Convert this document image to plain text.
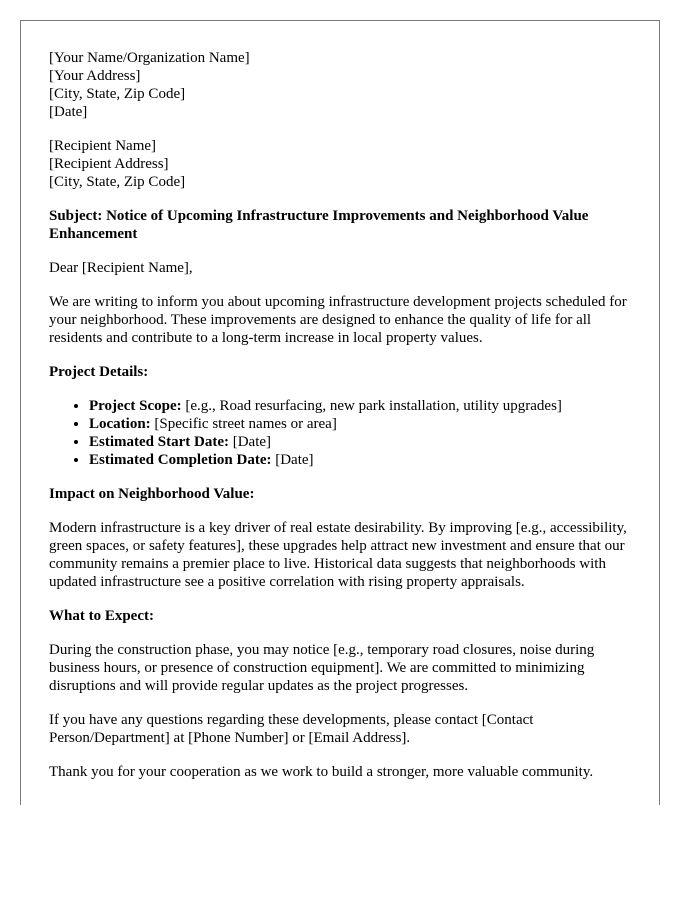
[Your Name/Organization Name]
[Your Address]
[City, State, Zip Code]
[Date]
[Recipient Name]
[Recipient Address]
[City, State, Zip Code]

Subject: Notice of Upcoming Infrastructure Improvements and Neighborhood Value Enhancement

Dear [Recipient Name],

We are writing to inform you about upcoming infrastructure development projects scheduled for your neighborhood. These improvements are designed to enhance the quality of life for all residents and contribute to a long-term increase in local property values.

Project Details:

• Project Scope: [e.g., Road resurfacing, new park installation, utility upgrades]
• Location: [Specific street names or area]
• Estimated Start Date: [Date]
• Estimated Completion Date: [Date]

Impact on Neighborhood Value:

Modern infrastructure is a key driver of real estate desirability. By improving [e.g., accessibility, green spaces, or safety features], these upgrades help attract new investment and ensure that our community remains a premier place to live. Historical data suggests that neighborhoods with updated infrastructure see a positive correlation with rising property appraisals.

What to Expect:

During the construction phase, you may notice [e.g., temporary road closures, noise during business hours, or presence of construction equipment]. We are committed to minimizing disruptions and will provide regular updates as the project progresses.

If you have any questions regarding these developments, please contact [Contact Person/Department] at [Phone Number] or [Email Address].

Thank you for your cooperation as we work to build a stronger, more valuable community.
